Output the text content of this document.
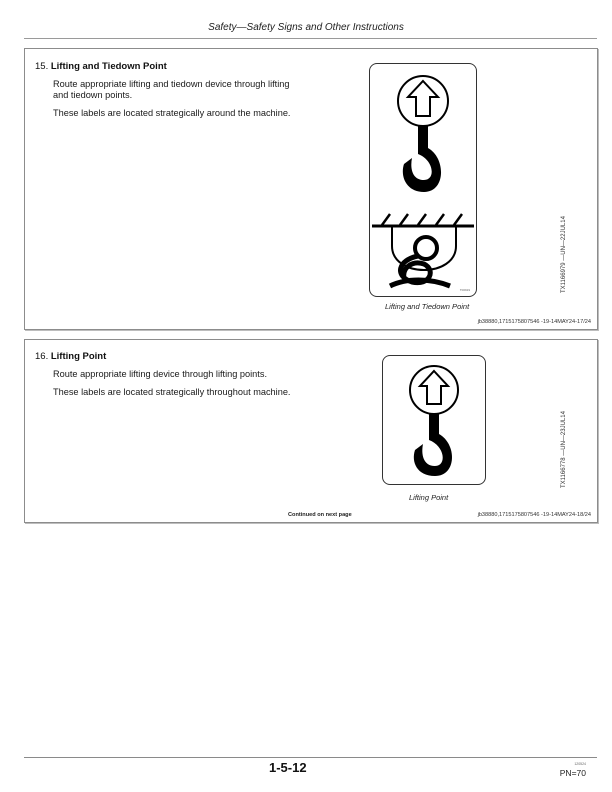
Safety—Safety Signs and Other Instructions
15. Lifting and Tiedown Point
Route appropriate lifting and tiedown device through lifting and tiedown points.
These labels are located strategically around the machine.
T00919
Lifting and Tiedown Point
TX1166979 —UN—22JUL14
jb38880,1715175807546 -19-14MAY24-17/24
16. Lifting Point
Route appropriate lifting device through lifting points.
These labels are located strategically throughout machine.
Lifting Point
TX1166778 —UN—23JUL14
Continued on next page	jb38880,1715175807546 -19-14MAY24-18/24
1-5-12	120524
PN=70
